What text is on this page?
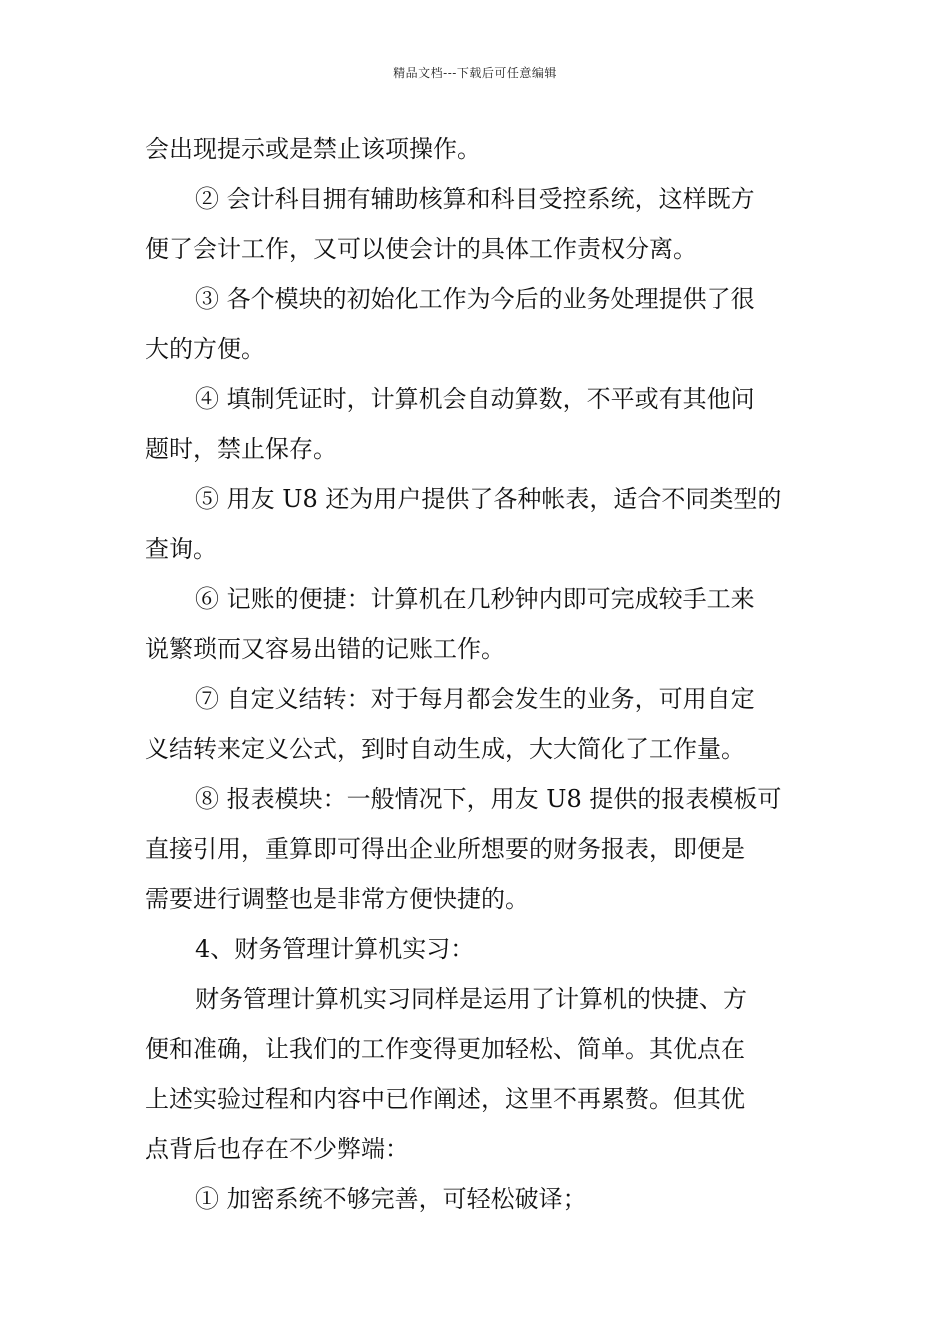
精品文档---下载后可任意编辑
会出现提示或是禁止该项操作。
② 会计科目拥有辅助核算和科目受控系统，这样既方
便了会计工作，又可以使会计的具体工作责权分离。
③ 各个模块的初始化工作为今后的业务处理提供了很
大的方便。
④ 填制凭证时，计算机会自动算数，不平或有其他问
题时，禁止保存。
⑤ 用友 U8 还为用户提供了各种帐表，适合不同类型的
查询。
⑥ 记账的便捷：计算机在几秒钟内即可完成较手工来
说繁琐而又容易出错的记账工作。
⑦ 自定义结转：对于每月都会发生的业务，可用自定
义结转来定义公式，到时自动生成，大大简化了工作量。
⑧ 报表模块：一般情况下，用友 U8 提供的报表模板可
直接引用，重算即可得出企业所想要的财务报表，即便是
需要进行调整也是非常方便快捷的。
4、财务管理计算机实习：
财务管理计算机实习同样是运用了计算机的快捷、方
便和准确，让我们的工作变得更加轻松、简单。其优点在
上述实验过程和内容中已作阐述，这里不再累赘。但其优
点背后也存在不少弊端：
① 加密系统不够完善，可轻松破译；
